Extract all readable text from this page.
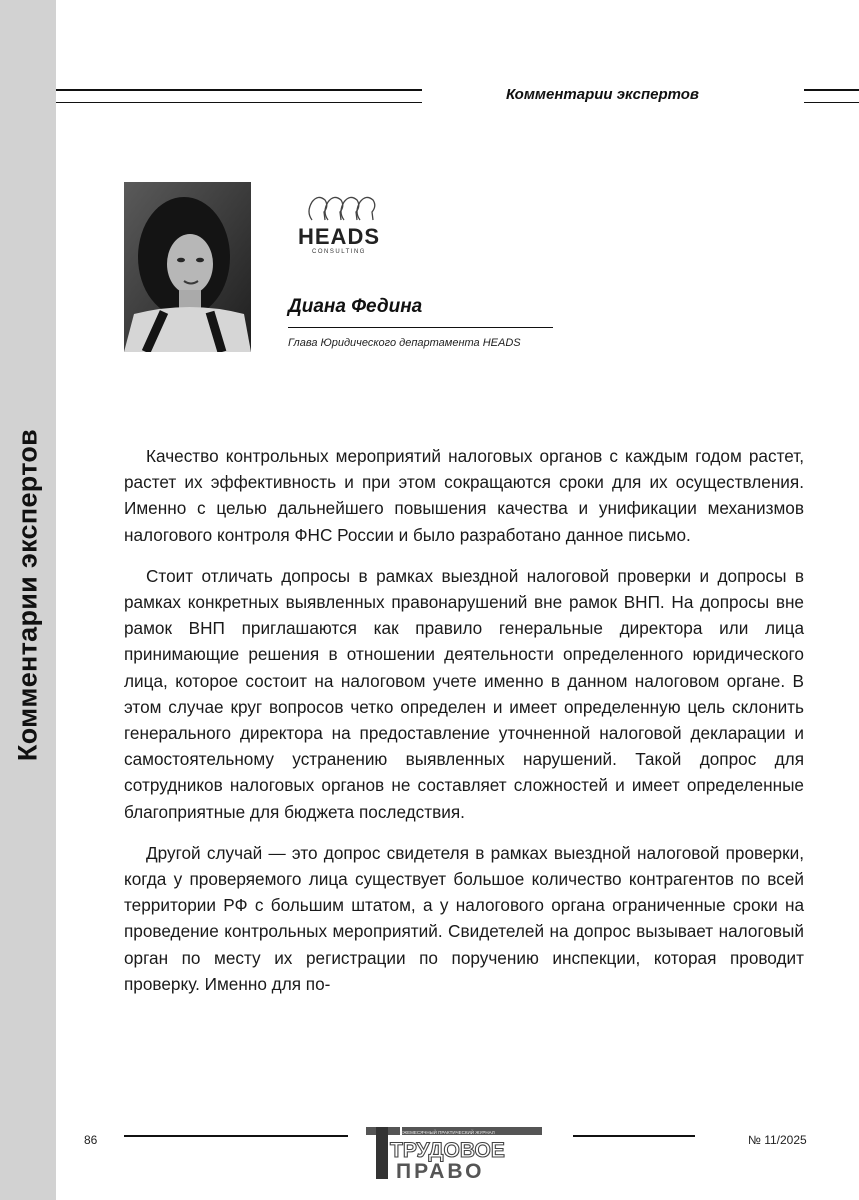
Комментарии экспертов
Комментарии экспертов
HEADS
CONSULTING
Диана Федина
Глава Юридического департамента HEADS

Качество контрольных мероприятий налоговых органов с каждым годом растет, растет их эффективность и при этом сокращаются сроки для их осуществления. Именно с целью дальнейшего повышения качества и унификации механизмов налогового контроля ФНС России и было разработано данное письмо.

Стоит отличать допросы в рамках выездной налоговой проверки и допросы в рамках конкретных выявленных правонарушений вне рамок ВНП. На допросы вне рамок ВНП приглашаются как правило генеральные директора или лица принимающие решения в отношении деятельности определенного юридического лица, которое состоит на налоговом учете именно в данном налоговом органе. В этом случае круг вопросов четко определен и имеет определенную цель склонить генерального директора на предоставление уточненной налоговой декларации и самостоятельному устранению выявленных нарушений. Такой допрос для сотрудников налоговых органов не составляет сложностей и имеет определенные благоприятные для бюджета последствия.

Другой случай — это допрос свидетеля в рамках выездной налоговой проверки, когда у проверяемого лица существует большое количество контрагентов по всей территории РФ с большим штатом, а у налогового органа ограниченные сроки на проведение контрольных мероприятий. Свидетелей на допрос вызывает налоговый орган по месту их регистрации по поручению инспекции, которая проводит проверку. Именно для по-

86	№ 11/2025
ЕЖЕМЕСЯЧНЫЙ ПРАКТИЧЕСКИЙ ЖУРНАЛ
ТРУДОВОЕ
ПРАВО
